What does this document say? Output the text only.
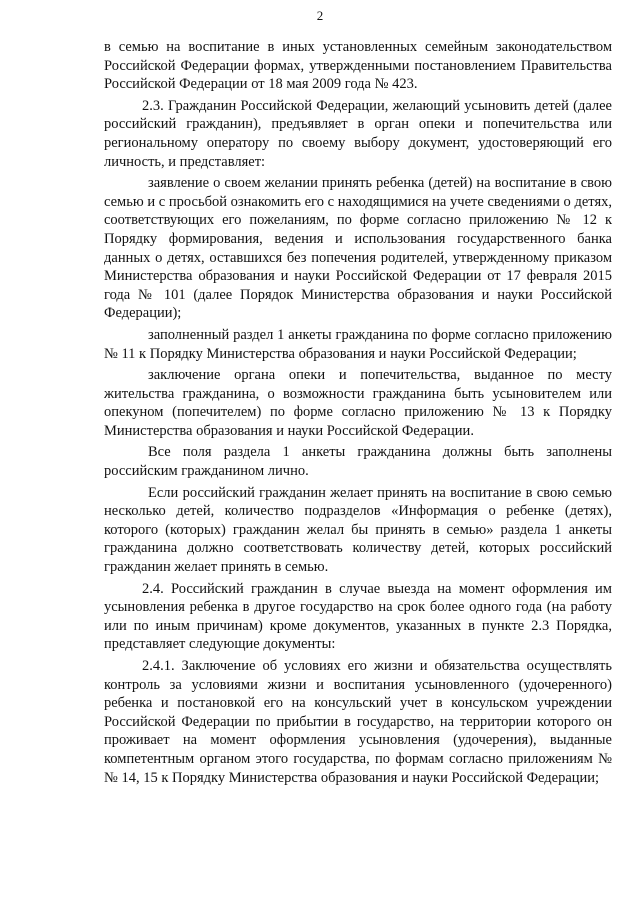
2

в семью на воспитание в иных установленных семейным законодательством Российской Федерации формах, утвержденными постановлением Правительства Российской Федерации от 18 мая 2009 года № 423.

2.3. Гражданин Российской Федерации, желающий усыновить детей (далее российский гражданин), предъявляет в орган опеки и попечительства или региональному оператору по своему выбору документ, удостоверяющий его личность, и представляет:

заявление о своем желании принять ребенка (детей) на воспитание в свою семью и с просьбой ознакомить его с находящимися на учете сведениями о детях, соответствующих его пожеланиям, по форме согласно приложению № 12 к Порядку формирования, ведения и использования государственного банка данных о детях, оставшихся без попечения родителей, утвержденному приказом Министерства образования и науки Российской Федерации от 17 февраля 2015 года № 101 (далее Порядок Министерства образования и науки Российской Федерации);

заполненный раздел 1 анкеты гражданина по форме согласно приложению № 11 к Порядку Министерства образования и науки Российской Федерации;

заключение органа опеки и попечительства, выданное по месту жительства гражданина, о возможности гражданина быть усыновителем или опекуном (попечителем) по форме согласно приложению № 13 к Порядку Министерства образования и науки Российской Федерации.

Все поля раздела 1 анкеты гражданина должны быть заполнены российским гражданином лично.

Если российский гражданин желает принять на воспитание в свою семью несколько детей, количество подразделов «Информация о ребенке (детях), которого (которых) гражданин желал бы принять в семью» раздела 1 анкеты гражданина должно соответствовать количеству детей, которых российский гражданин желает принять в семью.

2.4. Российский гражданин в случае выезда на момент оформления им усыновления ребенка в другое государство на срок более одного года (на работу или по иным причинам) кроме документов, указанных в пункте 2.3 Порядка, представляет следующие документы:

2.4.1. Заключение об условиях его жизни и обязательства осуществлять контроль за условиями жизни и воспитания усыновленного (удочеренного) ребенка и постановкой его на консульский учет в консульском учреждении Российской Федерации по прибытии в государство, на территории которого он проживает на момент оформления усыновления (удочерения), выданные компетентным органом этого государства, по формам согласно приложениям №№ 14, 15 к Порядку Министерства образования и науки Российской Федерации;
